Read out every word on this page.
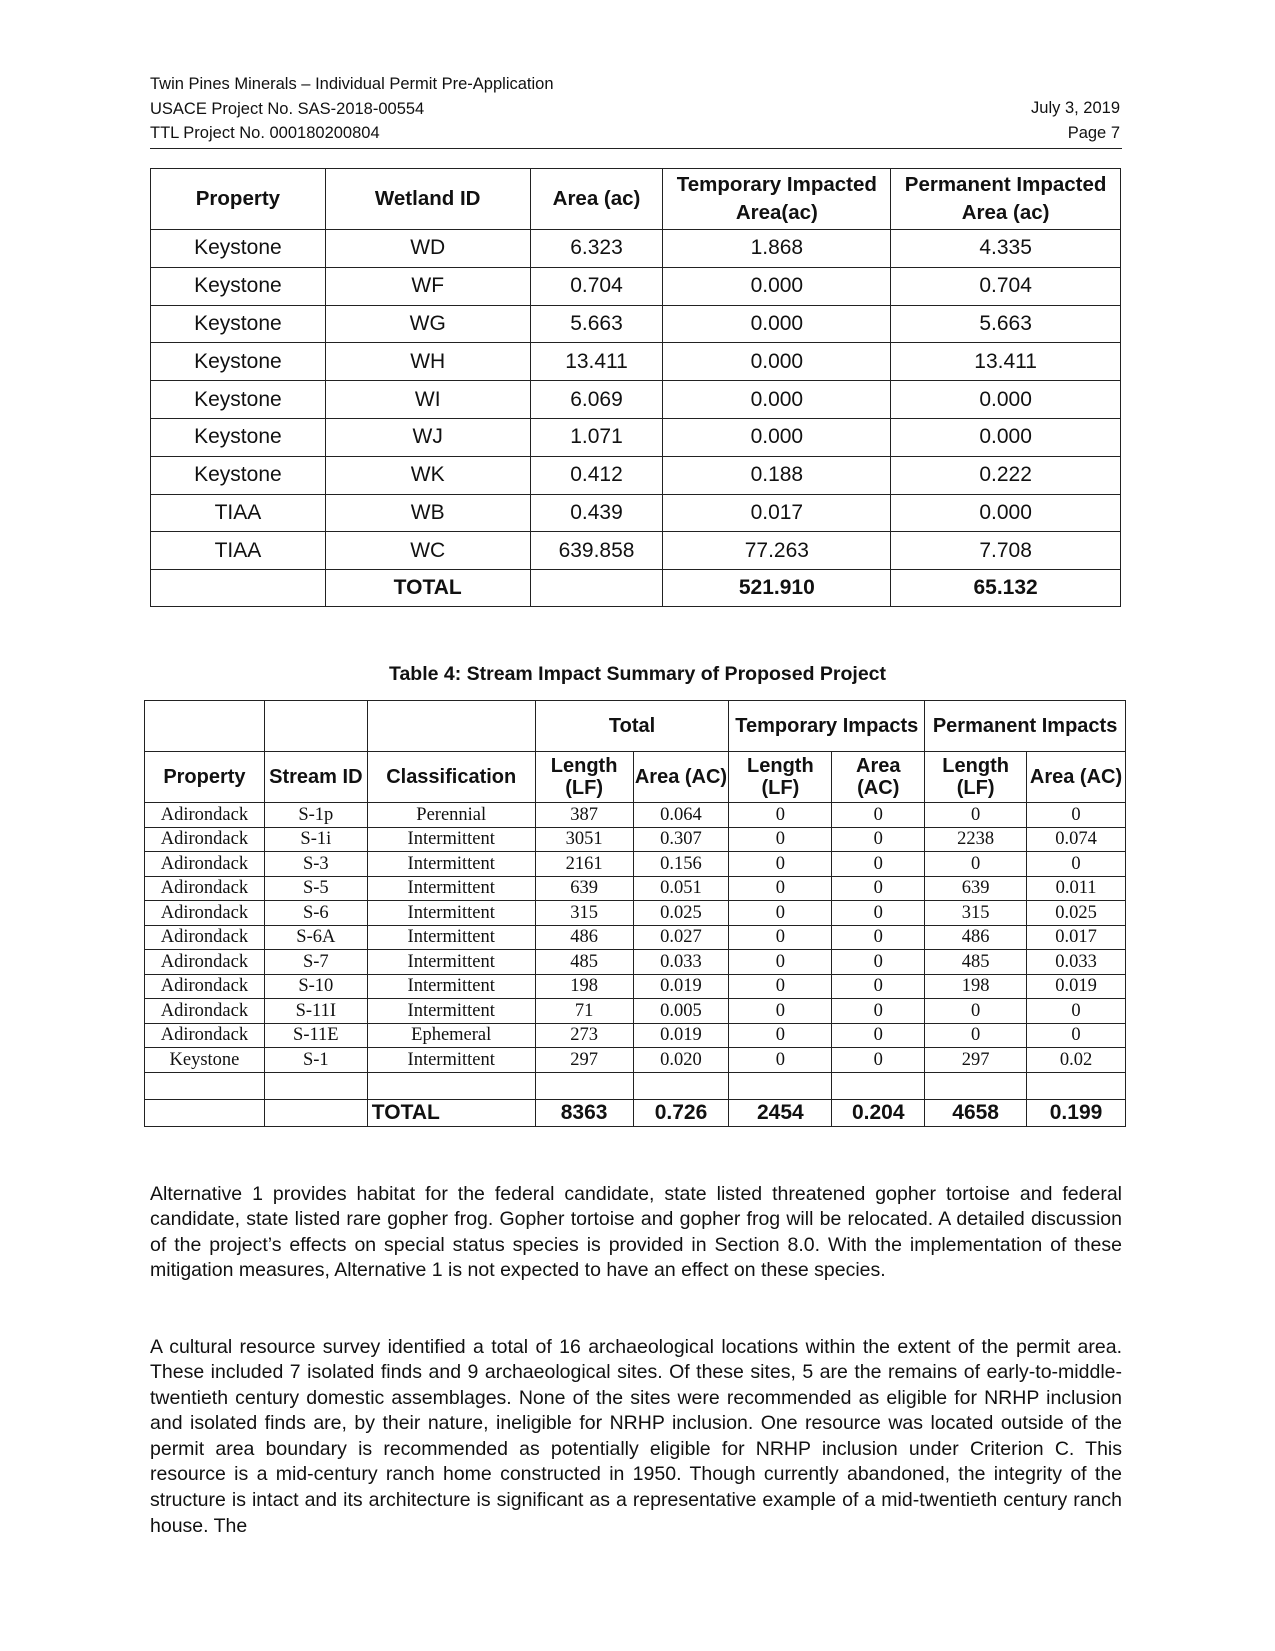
Twin Pines Minerals – Individual Permit Pre-Application
USACE Project No. SAS-2018-00554
TTL Project No. 000180200804
July 3, 2019
Page 7
Property	Wetland ID	Area (ac)	Temporary Impacted Area(ac)	Permanent Impacted Area (ac)
Keystone	WD	6.323	1.868	4.335
Keystone	WF	0.704	0.000	0.704
Keystone	WG	5.663	0.000	5.663
Keystone	WH	13.411	0.000	13.411
Keystone	WI	6.069	0.000	0.000
Keystone	WJ	1.071	0.000	0.000
Keystone	WK	0.412	0.188	0.222
TIAA	WB	0.439	0.017	0.000
TIAA	WC	639.858	77.263	7.708
	TOTAL		521.910	65.132
Table 4: Stream Impact Summary of Proposed Project
			Total		Temporary Impacts		Permanent Impacts	
Property	Stream ID	Classification	Length (LF)	Area (AC)	Length (LF)	Area (AC)	Length (LF)	Area (AC)
Adirondack	S-1p	Perennial	387	0.064	0	0	0	0
Adirondack	S-1i	Intermittent	3051	0.307	0	0	2238	0.074
Adirondack	S-3	Intermittent	2161	0.156	0	0	0	0
Adirondack	S-5	Intermittent	639	0.051	0	0	639	0.011
Adirondack	S-6	Intermittent	315	0.025	0	0	315	0.025
Adirondack	S-6A	Intermittent	486	0.027	0	0	486	0.017
Adirondack	S-7	Intermittent	485	0.033	0	0	485	0.033
Adirondack	S-10	Intermittent	198	0.019	0	0	198	0.019
Adirondack	S-11I	Intermittent	71	0.005	0	0	0	0
Adirondack	S-11E	Ephemeral	273	0.019	0	0	0	0
Keystone	S-1	Intermittent	297	0.020	0	0	297	0.02

		TOTAL	8363	0.726	2454	0.204	4658	0.199

Alternative 1 provides habitat for the federal candidate, state listed threatened gopher tortoise and federal candidate, state listed rare gopher frog. Gopher tortoise and gopher frog will be relocated. A detailed discussion of the project’s effects on special status species is provided in Section 8.0. With the implementation of these mitigation measures, Alternative 1 is not expected to have an effect on these species.

A cultural resource survey identified a total of 16 archaeological locations within the extent of the permit area. These included 7 isolated finds and 9 archaeological sites. Of these sites, 5 are the remains of early-to-middle-twentieth century domestic assemblages. None of the sites were recommended as eligible for NRHP inclusion and isolated finds are, by their nature, ineligible for NRHP inclusion. One resource was located outside of the permit area boundary is recommended as potentially eligible for NRHP inclusion under Criterion C. This resource is a mid-century ranch home constructed in 1950. Though currently abandoned, the integrity of the structure is intact and its architecture is significant as a representative example of a mid-twentieth century ranch house. The
